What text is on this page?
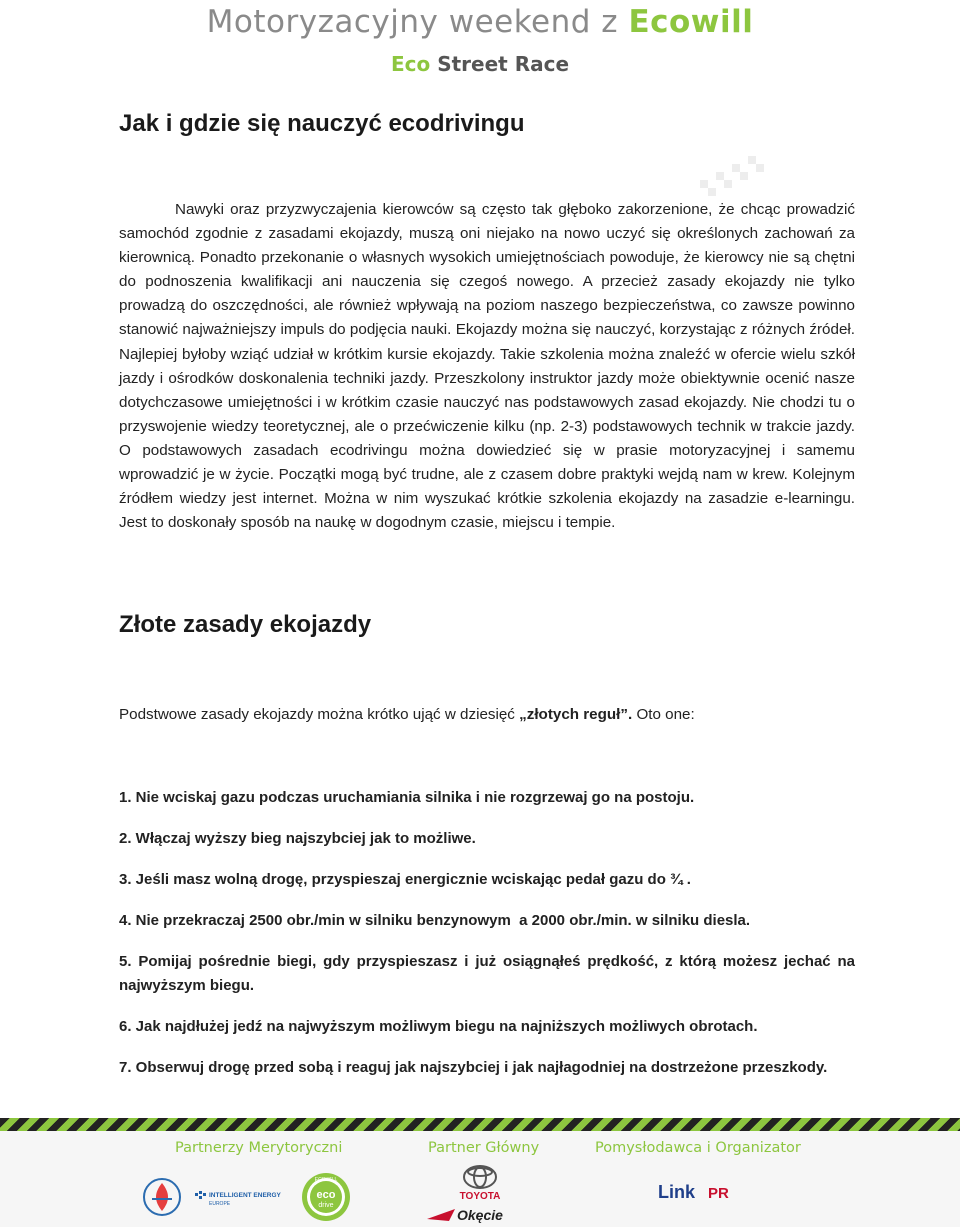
Motoryzacyjny weekend z Ecowill
Eco Street Race
Jak i gdzie się nauczyć ecodrivingu
Nawyki oraz przyzwyczajenia kierowców są często tak głęboko zakorzenione, że chcąc prowadzić samochód zgodnie z zasadami ekojazdy, muszą oni niejako na nowo uczyć się określonych zachowań za kierownicą. Ponadto przekonanie o własnych wysokich umiejętnościach powoduje, że kierowcy nie są chętni do podnoszenia kwalifikacji ani nauczenia się czegoś nowego. A przecież zasady ekojazdy nie tylko prowadzą do oszczędności, ale również wpływają na poziom naszego bezpieczeństwa, co zawsze powinno stanowić najważniejszy impuls do podjęcia nauki. Ekojazdy można się nauczyć, korzystając z różnych źródeł. Najlepiej byłoby wziąć udział w krótkim kursie ekojazdy. Takie szkolenia można znaleźć w ofercie wielu szkół jazdy i ośrodków doskonalenia techniki jazdy. Przeszkolony instruktor jazdy może obiektywnie ocenić nasze dotychczasowe umiejętności i w krótkim czasie nauczyć nas podstawowych zasad ekojazdy. Nie chodzi tu o przyswojenie wiedzy teoretycznej, ale o przećwiczenie kilku (np. 2-3) podstawowych technik w trakcie jazdy. O podstawowych zasadach ecodrivingu można dowiedzieć się w prasie motoryzacyjnej i samemu wprowadzić je w życie. Początki mogą być trudne, ale z czasem dobre praktyki wejdą nam w krew. Kolejnym źródłem wiedzy jest internet. Można w nim wyszukać krótkie szkolenia ekojazdy na zasadzie e-learningu. Jest to doskonały sposób na naukę w dogodnym czasie, miejscu i tempie.
Złote zasady ekojazdy
Podstwowe zasady ekojazdy można krótko ująć w dziesięć „złotych reguł”. Oto one:
1. Nie wciskaj gazu podczas uruchamiania silnika i nie rozgrzewaj go na postoju.
2. Włączaj wyższy bieg najszybciej jak to możliwe.
3. Jeśli masz wolną drogę, przyspieszaj energicznie wciskając pedał gazu do ¾ .
4. Nie przekraczaj 2500 obr./min w silniku benzynowym  a 2000 obr./min. w silniku diesla.
5. Pomijaj pośrednie biegi, gdy przyspieszasz i już osiągnąłeś prędkość, z którą możesz jechać na  najwyższym biegu.
6. Jak najdłużej jedź na najwyższym możliwym biegu na najniższych możliwych obrotach.
7. Obserwuj drogę przed sobą i reaguj jak najszybciej i jak najłagodniej na dostrzeżone przeszkody.
Partnerzy Merytoryczni	Partner Główny	Pomysłodawca i Organizator
INTELLIGENT ENERGY
EUROPE
ECOWILL
eco
drive
TOYOTA
Okęcie
Link PR
